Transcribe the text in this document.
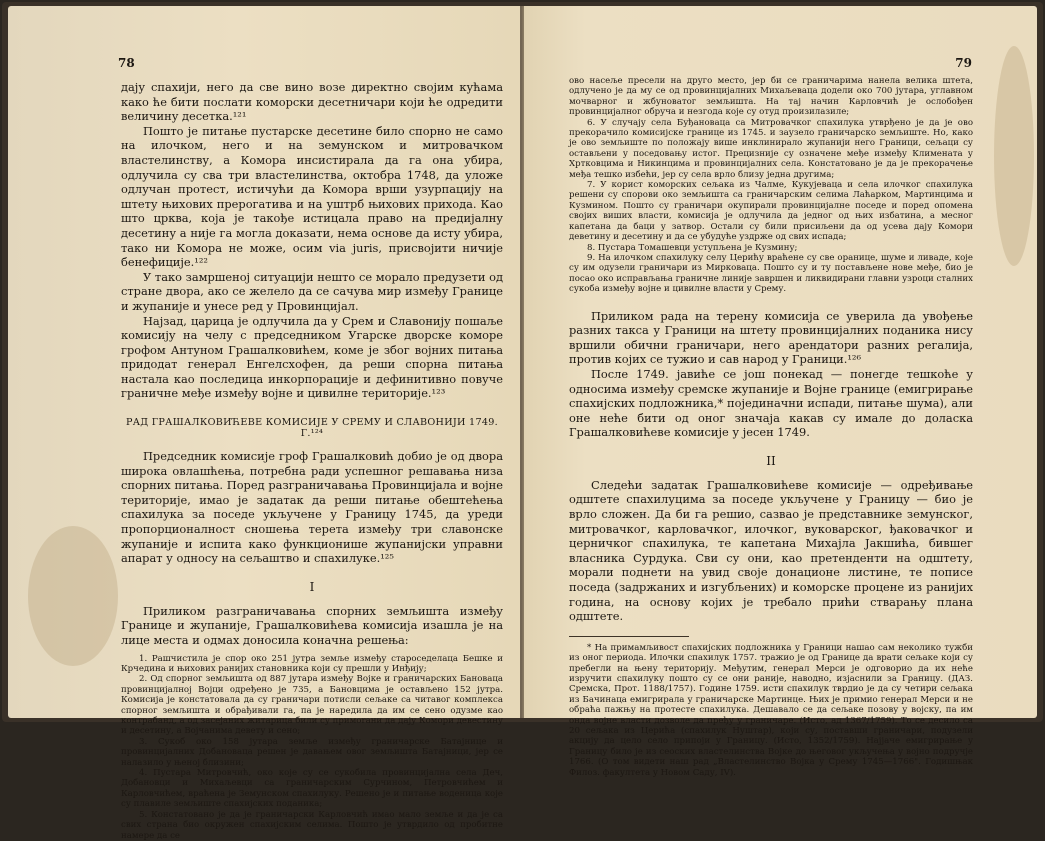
78

дају спахији, него да све вино возе директно својим кућама како ће бити послати коморски десетничари који ће одредити величину десетка.¹²¹

Пошто је питање пустарске десетине било спорно не само на илочком, него и на земунском и митровачком властелинству, а Комора инсистирала да га она убира, одлучила су сва три властелинства, октобра 1748, да уложе одлучан протест, истичући да Комора врши узурпацију на штету њихових прерогатива и на уштрб њихових прихода. Као што црква, која је такође истицала право на предијалну десетину а није га могла доказати, нема основе да исту убира, тако ни Комора не може, осим via juris, присвојити ничије бенефиције.¹²²

У тако замршеној ситуацији нешто се морало предузети од стране двора, ако се желело да се сачува мир између Границе и жупаније и унесе ред у Провинцијал.

Најзад, царица је одлучила да у Срем и Славонију пошаље комисију на челу с председником Угарске дворске коморе грофом Антуном Грашалковићем, коме је због војних питања придодат генерал Енгелсхофен, да реши спорна питања настала као последица инкорпорације и дефинитивно повуче граничне међе између војне и цивилне територије.¹²³

РАД ГРАШАЛКОВИЋЕВЕ КОМИСИЈЕ У СРЕМУ И СЛАВОНИЈИ 1749. Г.¹²⁴

Председник комисије гроф Грашалковић добио је од двора широка овлашћења, потребна ради успешног решавања низа спорних питања. Поред разграничавања Провинцијала и војне територије, имао је задатак да реши питање обештећења спахилука за поседе укључене у Границу 1745, да уреди пропорционалност сношења терета између три славонске жупаније и испита како функционише жупанијски управни апарат у односу на сељаштво и спахилуке.¹²⁵

I

Приликом разграничавања спорних земљишта између Границе и жупаније, Грашалковићева комисија изашла је на лице места и одмах доносила коначна решења:

1. Рашчистила је спор око 251 јутра земље између староседелаца Бешке и Крчедина и њихових ранијих становника који су прешли у Инђију;

2. Од спорног земљишта од 887 јутара између Војке и граничарских Бановаца провинцијалној Војци одређено је 735, а Бановцима је остављено 152 јутра. Комисија је констатовала да су граничари потисли сељаке са читавог комплекса спорног земљишта и обрађивали га, па је наредила да им се сено одузме као контрабанд, а од засејаних житарица били су примorани да дају Комори девестину и десетину, а Војчанима девету и сено;

3. Сукоб око 158 јутара земље између граничарске Батајнице и провинцијалних Добановаца решен је давањем овог земљишта Батајници, јер се налазило у њеној близини;

4. Пустара Митровчић, око које су се сукобила провинцијална села Деч, Добановци и Михаљевци са граничарским Сурчином, Петровчићем и Карловчићем, враћена је Земунском спахилуку. Решено је и питање воденица које су плавиле земљиште спахијских поданика;

5. Констатовано је да је граничарски Карловчић имао мало земље и да је са свих страна био окружен спахијским селима. Пошто је утврдило од пробитне намере да се

79

ово насеље пресели на друго место, јер би се граничарима нанела велика штета, одлучено је да му се од провинцијалних Михаљеваца додели око 700 јутара, углавном мочварног и жбуноватог земљишта. На тај начин Карловчић је ослобођен провинцијалног обруча и незгода које су отуд произилазиле;

6. У случају села Буђановаца са Митровачког спахилука утврђено је да је ово прекорачило комисијске границе из 1745. и заузело граничарско земљиште. Но, како је ово земљиште по положају више инклинирало жупанији него Граници, сељаци су остављени у поседовању истог. Прецизније су означене међе између Климената у Хртковцима и Никинцима и провинцијалних села. Констатовано је да је прекорачење међа тешко избећи, јер су села врло близу једна другима;

7. У корист коморских сељака из Чалме, Кукујеваца и села илочког спахилука решени су спорови око земљишта са граничарским селима Лаћарком, Мартинцима и Кузмином. Пошто су граничари окупирали провинцијалне поседе и поред опомена својих виших власти, комисија је одлучила да једног од њих избатина, а месног капетана да баци у затвор. Остали су били присиљени да од усева дају Комори деветину и десетину и да се убудуће уздрже од свих испада;

8. Пустара Томашевци уступљена је Кузмину;

9. На илочком спахилуку селу Церићу враћене су све оранице, шуме и ливаде, које су им одузели граничари из Мирковаца. Пошто су и ту постављене нове међе, био је посао око исправљања граничне линије завршен и ликвидирани главни узроци сталних сукоба између војне и цивилне власти у Срему.

Приликом рада на терену комисија се уверила да увођење разних такса у Граници на штету провинцијалних поданика нису вршили обични граничари, него арендатори разних регалија, против којих се тужио и сав народ у Граници.¹²⁶

После 1749. јавиће се још понекад — понегде тешкоће у односима између сремске жупаније и Војне границе (емигрирање спахијских подложника,* појединачни испади, питање шума), али оне неће бити од оног значаја какав су имале до доласка Грашалковићеве комисије у јесен 1749.

II

Следећи задатак Грашалковићеве комисије — одређивање одштете спахилуцима за поседе укључене у Границу — био је врло сложен. Да би га решио, сазвао је представнике земунског, митровачког, карловачког, илочког, вуковарског, ђаковачког и церничког спахилука, те капетана Михајла Јакшића, бившег власника Сурдука. Сви су они, као претенденти на одштету, морали поднети на увид своје донационе листине, те пописе поседа (задржаних и изгубљених) и коморске процене из ранијих година, на основу којих је требало прићи стварању плана одштете.

* На примамљивост спахијских подложника у Граници нашао сам неколико тужби из оног периода. Илочки спахилук 1757. тражио је од Границе да врати сељаке који су пребегли на њену територију. Међутим, генерал Мерси је одговорио да их неће изручити спахилуку пошто су се они раније, наводно, изјаснили за Границу. (ДАЗ. Сремска, Прот. 1188/1757). Године 1759. исти спахилук тврдио је да су четири сељака из Бачинаца емигрирала у граничарске Мартинце. Њих је примио генерал Мерси и не обраћа пажњу на протесте спахилука. Дешавало се да сељаке позову у војску, па им онда војне власти дозволе да пређу у граничаре. (Исто, ад 1367/1759). То се десило са 20 сељака из Церића (спахилук Нуштар), који су, поставши граничари, подузели акцију да цело село припоји у Границу. (Исто, 1352/1759). Најјаче емигрирање у Границу било је из сеоских властелинства Војке до његовог укључења у војно подручје 1766. (О том видети наш рад „Властелинство Војка у Срему 1745—1766". Годишњак Филоз. факултета у Новом Саду, IV).
